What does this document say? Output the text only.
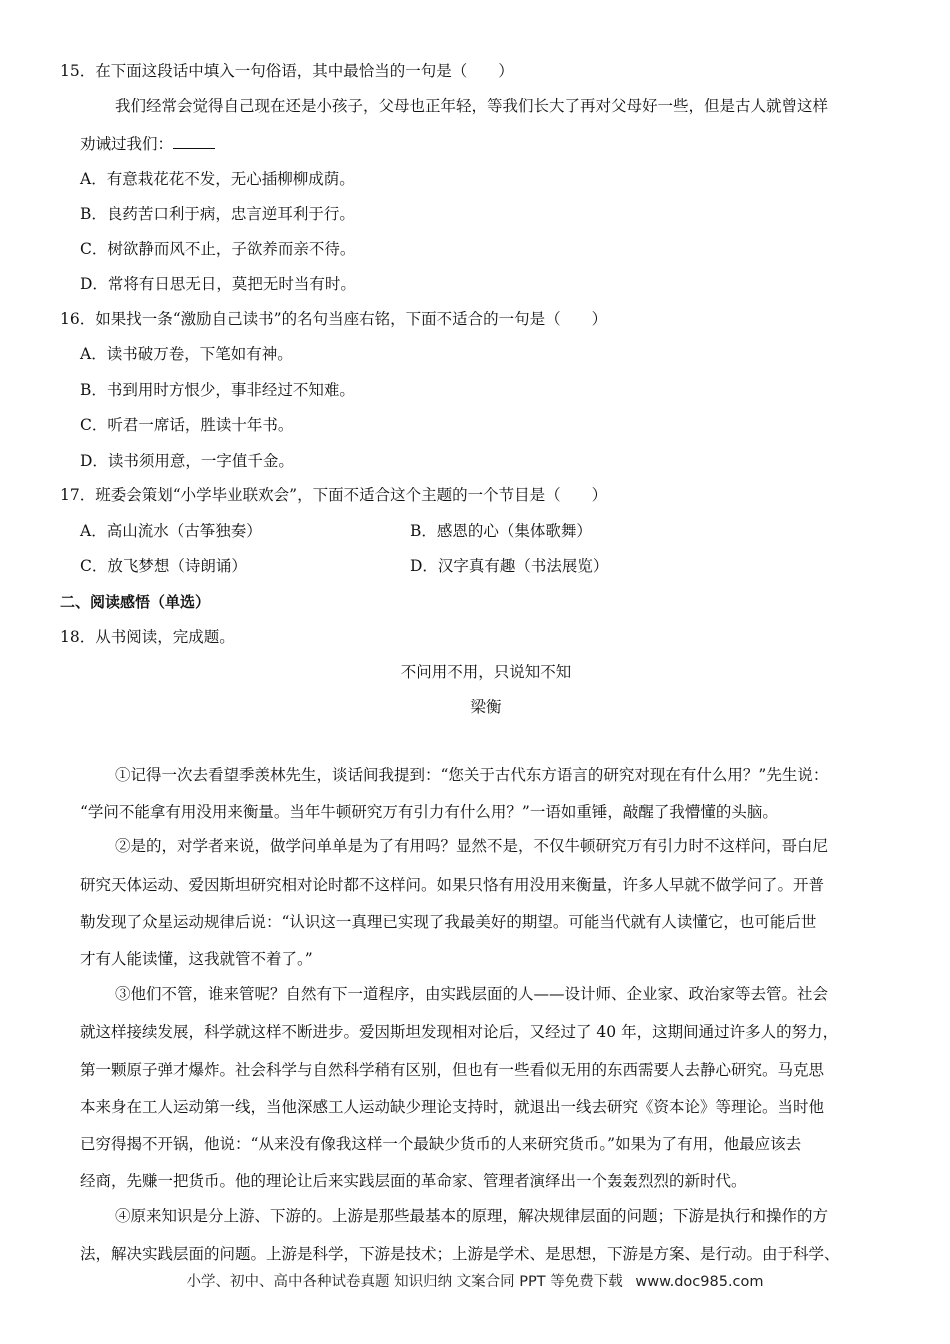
15．在下面这段话中填入一句俗语，其中最恰当的一句是（　　）
我们经常会觉得自己现在还是小孩子，父母也正年轻，等我们长大了再对父母好一些，但是古人就曾这样
劝诫过我们：
A．有意栽花花不发，无心插柳柳成荫。
B．良药苦口利于病，忠言逆耳利于行。
C．树欲静而风不止，子欲养而亲不待。
D．常将有日思无日，莫把无时当有时。
16．如果找一条“激励自己读书”的名句当座右铭，下面不适合的一句是（　　）
A．读书破万卷，下笔如有神。
B．书到用时方恨少，事非经过不知难。
C．听君一席话，胜读十年书。
D．读书须用意，一字值千金。
17．班委会策划“小学毕业联欢会”，下面不适合这个主题的一个节目是（　　）
A．高山流水（古筝独奏）	B．感恩的心（集体歌舞）
C．放飞梦想（诗朗诵）	D．汉字真有趣（书法展览）
二、阅读感悟（单选）
18．从书阅读，完成题。
不问用不用，只说知不知
梁衡
①记得一次去看望季羡林先生，谈话间我提到：“您关于古代东方语言的研究对现在有什么用？”先生说：
“学问不能拿有用没用来衡量。当年牛顿研究万有引力有什么用？”一语如重锤，敲醒了我懵懂的头脑。
②是的，对学者来说，做学问单单是为了有用吗？显然不是，不仅牛顿研究万有引力时不这样问，哥白尼
研究天体运动、爱因斯坦研究相对论时都不这样问。如果只恪有用没用来衡量，许多人早就不做学问了。开普
勒发现了众星运动规律后说：“认识这一真理已实现了我最美好的期望。可能当代就有人读懂它，也可能后世
才有人能读懂，这我就管不着了。”
③他们不管，谁来管呢？自然有下一道程序，由实践层面的人——设计师、企业家、政治家等去管。社会
就这样接续发展，科学就这样不断进步。爱因斯坦发现相对论后，又经过了 40 年，这期间通过许多人的努力，
第一颗原子弹才爆炸。社会科学与自然科学稍有区别，但也有一些看似无用的东西需要人去静心研究。马克思
本来身在工人运动第一线，当他深感工人运动缺少理论支持时，就退出一线去研究《资本论》等理论。当时他
已穷得揭不开锅，他说：“从来没有像我这样一个最缺少货币的人来研究货币。”如果为了有用，他最应该去
经商，先赚一把货币。他的理论让后来实践层面的革命家、管理者演绎出一个轰轰烈烈的新时代。
④原来知识是分上游、下游的。上游是那些最基本的原理，解决规律层面的问题；下游是执行和操作的方
法，解决实践层面的问题。上游是科学，下游是技术；上游是学术、是思想，下游是方案、是行动。由于科学、
小学、初中、高中各种试卷真题 知识归纳 文案合同 PPT 等免费下载 www.doc985.com
